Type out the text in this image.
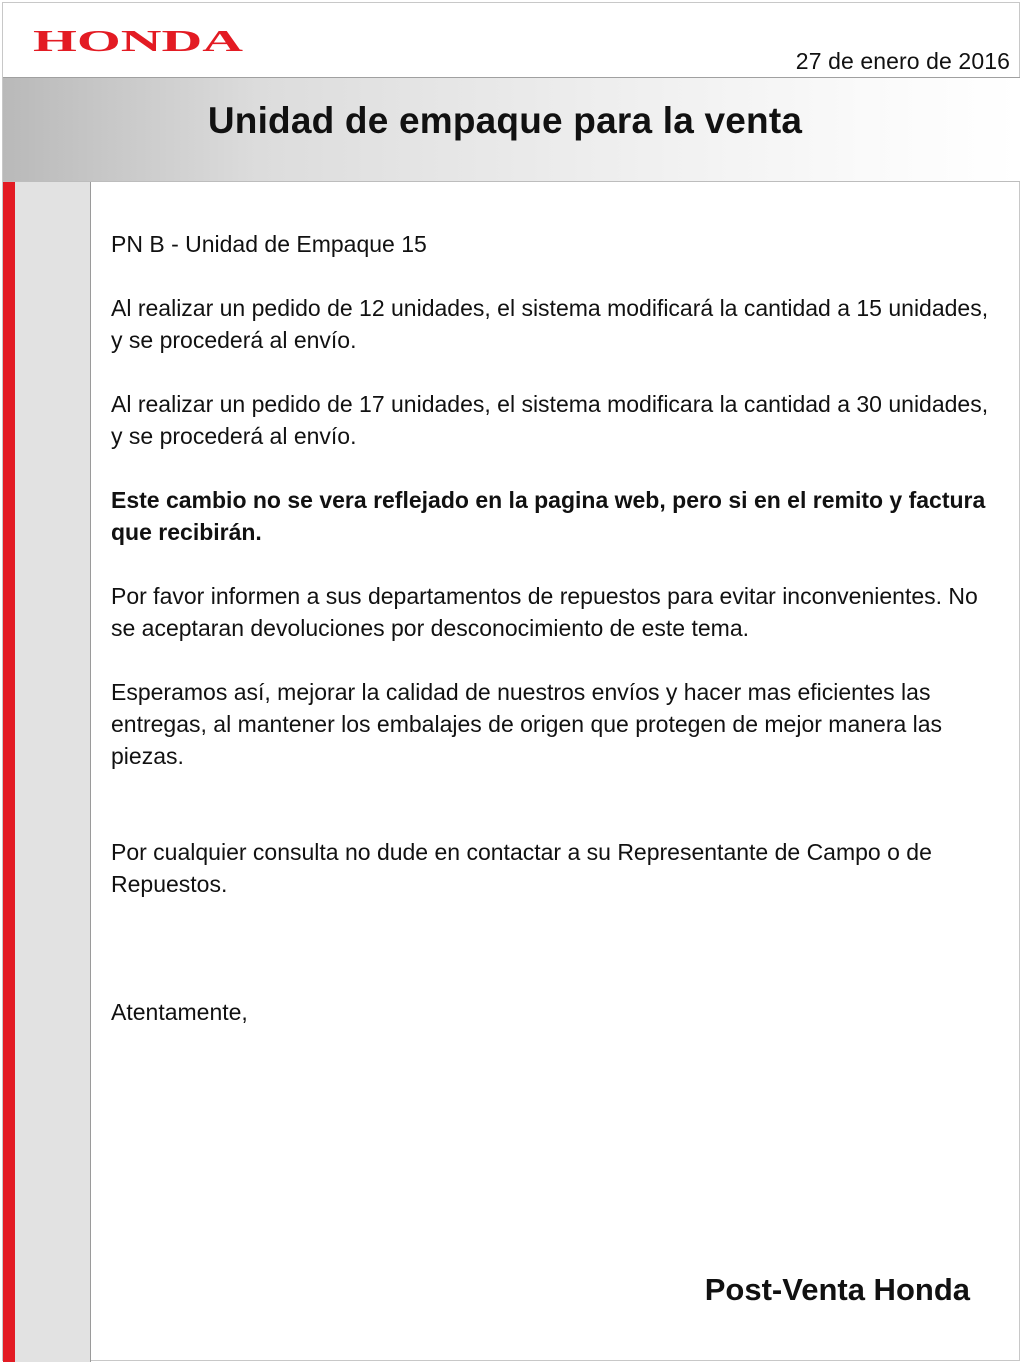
HONDA
27 de enero de 2016
Unidad de empaque para la venta

PN B - Unidad de Empaque 15

Al realizar un pedido de 12 unidades, el sistema modificará la cantidad a 15 unidades, y se procederá al envío.

Al realizar un pedido de 17 unidades, el sistema modificara la cantidad a 30 unidades, y se procederá al envío.

Este cambio no se vera reflejado en la pagina web, pero si en el remito y factura que recibirán.

Por favor informen a sus departamentos de repuestos para evitar inconvenientes. No se aceptaran devoluciones por desconocimiento de este tema.

Esperamos así, mejorar la calidad de nuestros envíos y hacer mas eficientes las entregas, al mantener los embalajes de origen que protegen de mejor manera las piezas.

Por cualquier consulta no dude en contactar a su Representante de Campo o de Repuestos.

Atentamente,

Post-Venta Honda
